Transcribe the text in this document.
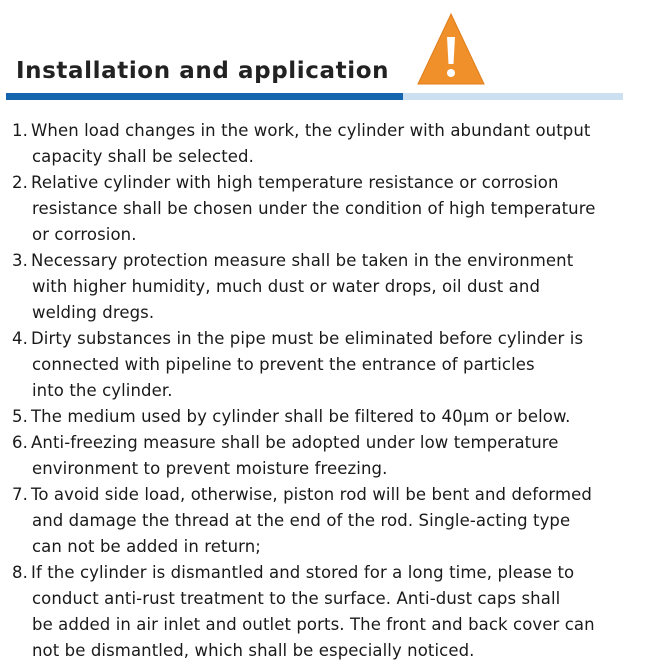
Installation and application
1. When load changes in the work, the cylinder with abundant output
capacity shall be selected.
2. Relative cylinder with high temperature resistance or corrosion
resistance shall be chosen under the condition of high temperature
or corrosion.
3. Necessary protection measure shall be taken in the environment
with higher humidity, much dust or water drops, oil dust and
welding dregs.
4. Dirty substances in the pipe must be eliminated before cylinder is
connected with pipeline to prevent the entrance of particles
into the cylinder.
5. The medium used by cylinder shall be filtered to 40μm or below.
6. Anti-freezing measure shall be adopted under low temperature
environment to prevent moisture freezing.
7. To avoid side load, otherwise, piston rod will be bent and deformed
and damage the thread at the end of the rod. Single-acting type
can not be added in return;
8. If the cylinder is dismantled and stored for a long time, please to
conduct anti-rust treatment to the surface. Anti-dust caps shall
be added in air inlet and outlet ports. The front and back cover can
not be dismantled, which shall be especially noticed.
